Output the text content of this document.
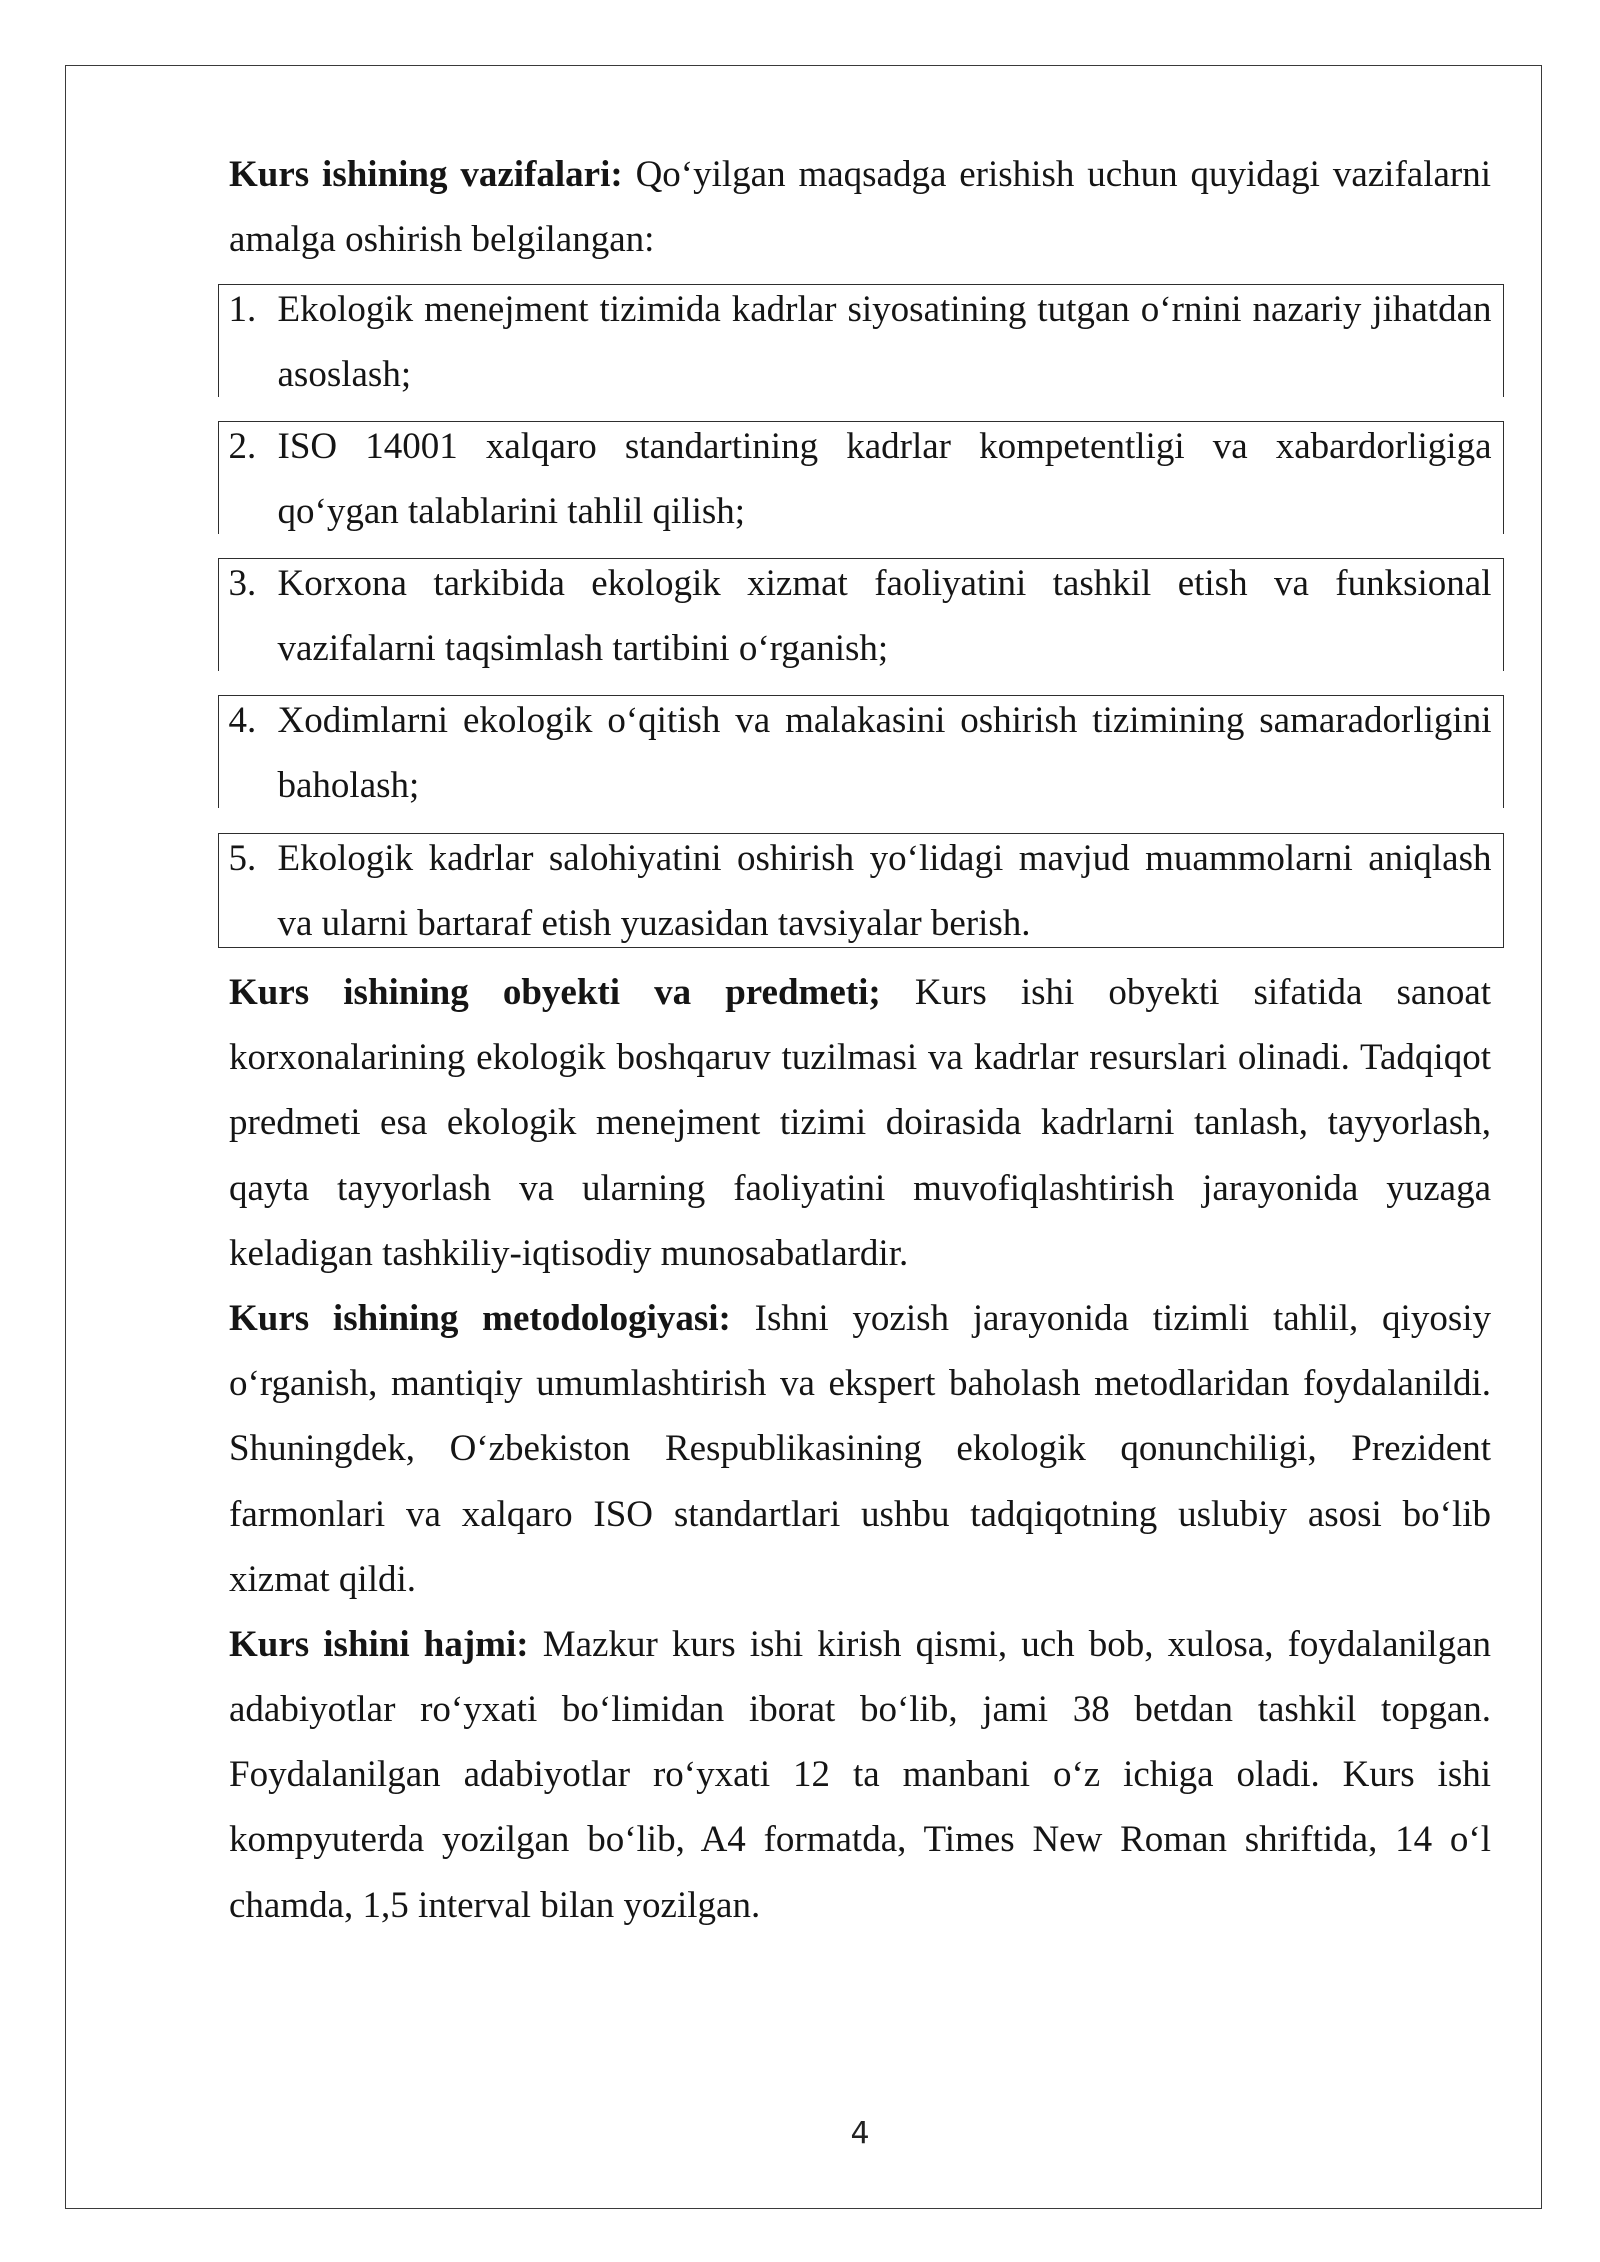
Kurs ishining vazifalari: Qo‘yilgan maqsadga erishish uchun quyidagi vazifalarni
amalga oshirish belgilangan:
1. Ekologik menejment tizimida kadrlar siyosatining tutgan o‘rnini nazariy jihatdan
asoslash;
2. ISO 14001 xalqaro standartining kadrlar kompetentligi va xabardorligiga
qo‘ygan talablarini tahlil qilish;
3. Korxona tarkibida ekologik xizmat faoliyatini tashkil etish va funksional
vazifalarni taqsimlash tartibini o‘rganish;
4. Xodimlarni ekologik o‘qitish va malakasini oshirish tizimining samaradorligini
baholash;
5. Ekologik kadrlar salohiyatini oshirish yo‘lidagi mavjud muammolarni aniqlash
va ularni bartaraf etish yuzasidan tavsiyalar berish.
Kurs ishining obyekti va predmeti; Kurs ishi obyekti sifatida sanoat
korxonalarining ekologik boshqaruv tuzilmasi va kadrlar resurslari olinadi. Tadqiqot
predmeti esa ekologik menejment tizimi doirasida kadrlarni tanlash, tayyorlash,
qayta tayyorlash va ularning faoliyatini muvofiqlashtirish jarayonida yuzaga
keladigan tashkiliy-iqtisodiy munosabatlardir.
Kurs ishining metodologiyasi: Ishni yozish jarayonida tizimli tahlil, qiyosiy
o‘rganish, mantiqiy umumlashtirish va ekspert baholash metodlaridan foydalanildi.
Shuningdek, O‘zbekiston Respublikasining ekologik qonunchiligi, Prezident
farmonlari va xalqaro ISO standartlari ushbu tadqiqotning uslubiy asosi bo‘lib
xizmat qildi.
Kurs ishini hajmi: Mazkur kurs ishi kirish qismi, uch bob, xulosa, foydalanilgan
adabiyotlar ro‘yxati bo‘limidan iborat bo‘lib, jami 38 betdan tashkil topgan.
Foydalanilgan adabiyotlar ro‘yxati 12 ta manbani o‘z ichiga oladi. Kurs ishi
kompyuterda yozilgan bo‘lib, A4 formatda, Times New Roman shriftida, 14 o‘l
chamda, 1,5 interval bilan yozilgan.
4
